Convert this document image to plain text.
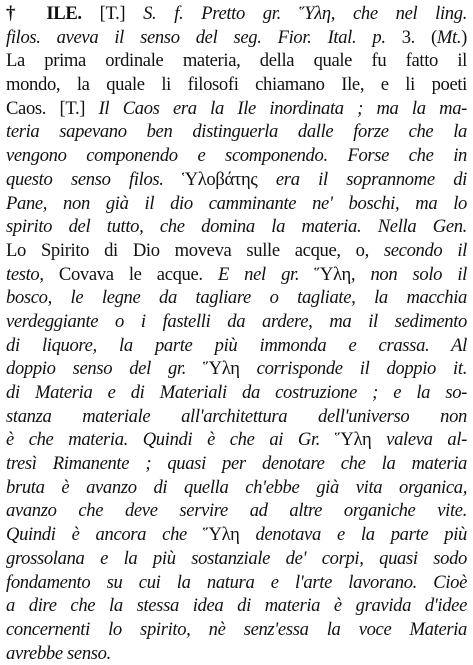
† ILE. [T.] S. f. Pretto gr. Ὕλη, che nel ling.
filos. aveva il senso del seg. Fior. Ital. p. 3. (Mt.)
La prima ordinale materia, della quale fu fatto il
mondo, la quale li filosofi chiamano Ile, e li poeti
Caos. [T.] Il Caos era la Ile inordinata ; ma la ma-
teria sapevano ben distinguerla dalle forze che la
vengono componendo e scomponendo. Forse che in
questo senso filos. Ὑλοβάτης era il soprannome di
Pane, non già il dio camminante ne' boschi, ma lo
spirito del tutto, che domina la materia. Nella Gen.
Lo Spirito di Dio moveva sulle acque, o, secondo il
testo, Covava le acque. E nel gr. Ὕλη, non solo il
bosco, le legne da tagliare o tagliate, la macchia
verdeggiante o i fastelli da ardere, ma il sedimento
di liquore, la parte più immonda e crassa. Al
doppio senso del gr. Ὕλη corrisponde il doppio it.
di Materia e di Materiali da costruzione ; e la so-
stanza materiale all'architettura dell'universo non
è che materia. Quindi è che ai Gr. Ὕλη valeva al-
tresì Rimanente ; quasi per denotare che la materia
bruta è avanzo di quella ch'ebbe già vita organica,
avanzo che deve servire ad altre organiche vite.
Quindi è ancora che Ὕλη denotava e la parte più
grossolana e la più sostanziale de' corpi, quasi sodo
fondamento su cui la natura e l'arte lavorano. Cioè
a dire che la stessa idea di materia è gravida d'idee
concernenti lo spirito, nè senz'essa la voce Materia
avrebbe senso.
